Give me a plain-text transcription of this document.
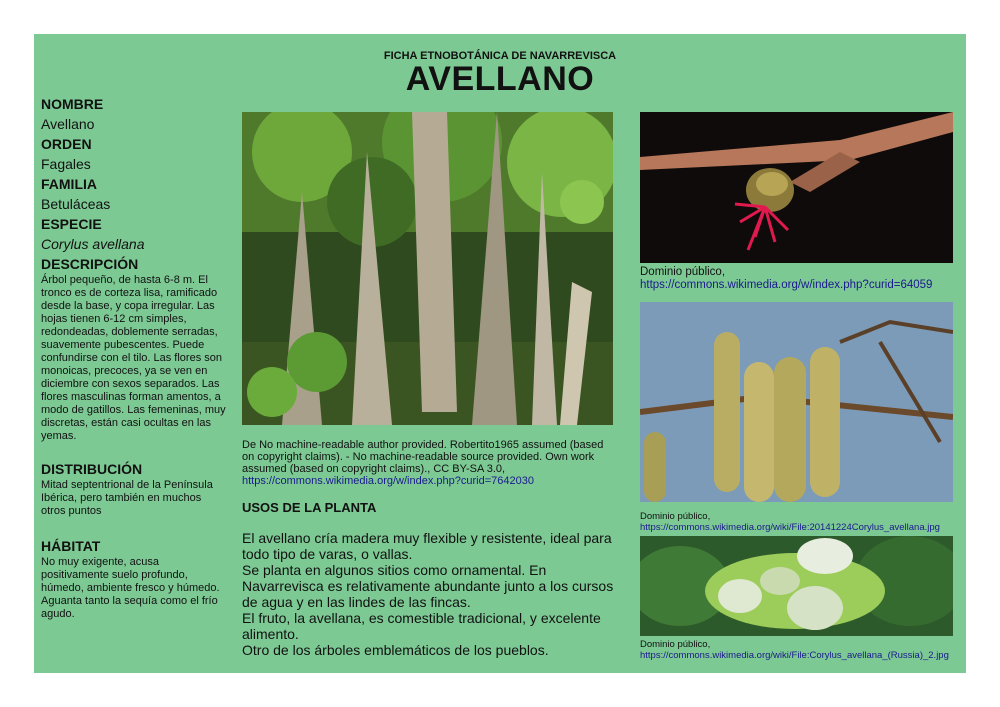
FICHA ETNOBOTÁNICA DE NAVARREVISCA
AVELLANO

NOMBRE

Avellano

ORDEN

Fagales

FAMILIA

Betuláceas

ESPECIE

Corylus avellana

DESCRIPCIÓN

Árbol pequeño, de hasta 6-8 m. El tronco es de corteza lisa, ramificado desde la base, y copa irregular. Las hojas tienen 6-12 cm simples, redondeadas, doblemente serradas, suavemente pubescentes. Puede confundirse con el tilo. Las flores son monoicas, precoces, ya se ven en diciembre con sexos separados. Las flores masculinas forman amentos, a modo de gatillos. Las femeninas, muy discretas, están casi ocultas en las yemas.

DISTRIBUCIÓN

Mitad septentrional de la Península Ibérica, pero también en muchos otros puntos

HÁBITAT

No muy exigente, acusa positivamente suelo profundo, húmedo, ambiente fresco y húmedo. Aguanta tanto la sequía como el frío agudo.

De No machine-readable author provided. Robertito1965 assumed (based on copyright claims). - No machine-readable source provided. Own work assumed (based on copyright claims)., CC BY-SA 3.0,
https://commons.wikimedia.org/w/index.php?curid=7642030
USOS DE LA PLANTA

El avellano cría madera muy flexible y resistente, ideal para todo tipo de varas, o vallas.

Se planta en algunos sitios como ornamental. En Navarrevisca es relativamente abundante junto a los cursos de agua y en las lindes de las fincas.

El fruto, la avellana, es comestible tradicional, y excelente alimento.

Otro de los árboles emblemáticos de los pueblos.

Dominio público,
https://commons.wikimedia.org/w/index.php?curid=64059
Dominio público,
https://commons.wikimedia.org/wiki/File:20141224Corylus_avellana.jpg
Dominio público,
https://commons.wikimedia.org/wiki/File:Corylus_avellana_(Russia)_2.jpg
